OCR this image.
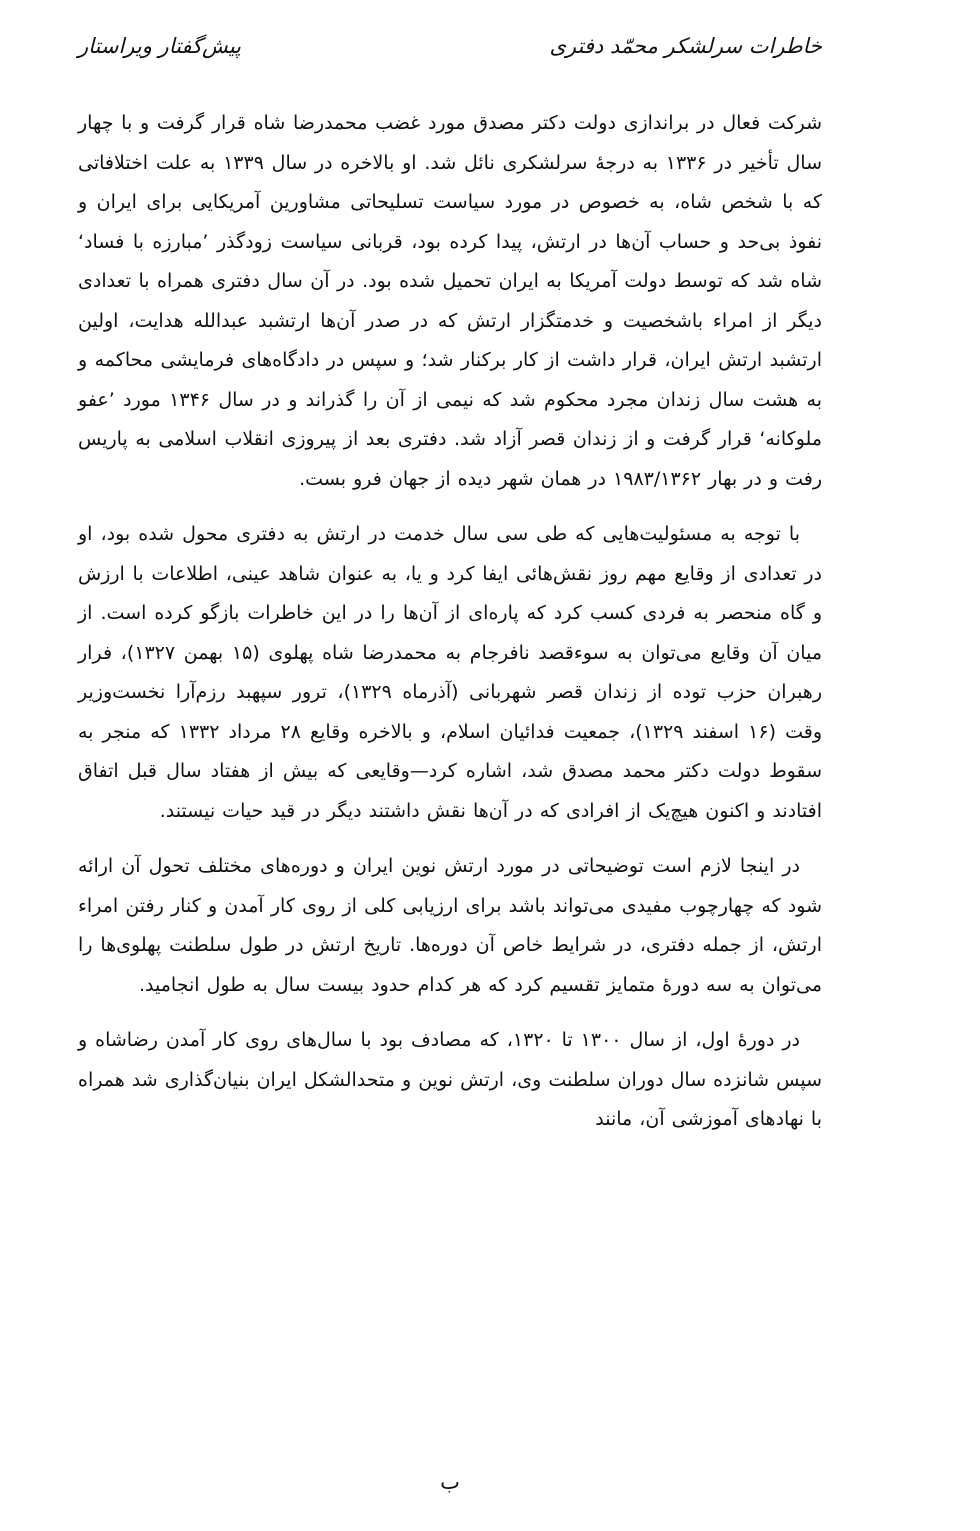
خاطرات سرلشکر محمّد دفتری
پیش‌گفتار ویراستار

شرکت فعال در براندازی دولت دکتر مصدق مورد غضب محمدرضا شاه قرار گرفت و با چهار سال تأخیر در ۱۳۳۶ به درجهٔ سرلشکری نائل شد. او بالاخره در سال ۱۳۳۹ به علت اختلافاتی که با شخص شاه، به خصوص در مورد سیاست تسلیحاتی مشاورین آمریکایی برای ایران و نفوذ بی‌حد و حساب آن‌ها در ارتش، پیدا کرده بود، قربانی سیاست زودگذر ’مبارزه با فساد‘ شاه شد که توسط دولت آمریکا به ایران تحمیل شده بود. در آن سال دفتری همراه با تعدادی دیگر از امراء باشخصیت و خدمتگزار ارتش که در صدر آن‌ها ارتشبد عبدالله هدایت، اولین ارتشبد ارتش ایران، قرار داشت از کار برکنار شد؛ و سپس در دادگاه‌های فرمایشی محاکمه و به هشت سال زندان مجرد محکوم شد که نیمی از آن را گذراند و در سال ۱۳۴۶ مورد ’عفو ملوکانه‘ قرار گرفت و از زندان قصر آزاد شد. دفتری بعد از پیروزی انقلاب اسلامی به پاریس رفت و در بهار ۱۹۸۳/۱۳۶۲ در همان شهر دیده از جهان فرو بست.

با توجه به مسئولیت‌هایی که طی سی سال خدمت در ارتش به دفتری محول شده بود، او در تعدادی از وقایع مهم روز نقش‌هائی ایفا کرد و یا، به عنوان شاهد عینی، اطلاعات با ارزش و گاه منحصر به فردی کسب کرد که پاره‌ای از آن‌ها را در این خاطرات بازگو کرده است. از میان آن وقایع می‌توان به سوءقصد نافرجام به محمدرضا شاه پهلوی (۱۵ بهمن ۱۳۲۷)، فرار رهبران حزب توده از زندان قصر شهربانی (آذرماه ۱۳۲۹)، ترور سپهبد رزم‌آرا نخست‌وزیر وقت (۱۶ اسفند ۱۳۲۹)، جمعیت فدائیان اسلام، و بالاخره وقایع ۲۸ مرداد ۱۳۳۲ که منجر به سقوط دولت دکتر محمد مصدق شد، اشاره کرد—وقایعی که بیش از هفتاد سال قبل اتفاق افتادند و اکنون هیچ‌یک از افرادی که در آن‌ها نقش داشتند دیگر در قید حیات نیستند.

در اینجا لازم است توضیحاتی در مورد ارتش نوین ایران و دوره‌های مختلف تحول آن ارائه شود که چهارچوب مفیدی می‌تواند باشد برای ارزیابی کلی از روی کار آمدن و کنار رفتن امراء ارتش، از جمله دفتری، در شرایط خاص آن دوره‌ها. تاریخ ارتش در طول سلطنت پهلوی‌ها را می‌توان به سه دورهٔ متمایز تقسیم کرد که هر کدام حدود بیست سال به طول انجامید.

در دورهٔ اول، از سال ۱۳۰۰ تا ۱۳۲۰، که مصادف بود با سال‌های روی کار آمدن رضاشاه و سپس شانزده سال دوران سلطنت وی، ارتش نوین و متحدالشکل ایران بنیان‌گذاری شد همراه با نهادهای آموزشی آن، مانند

ب
